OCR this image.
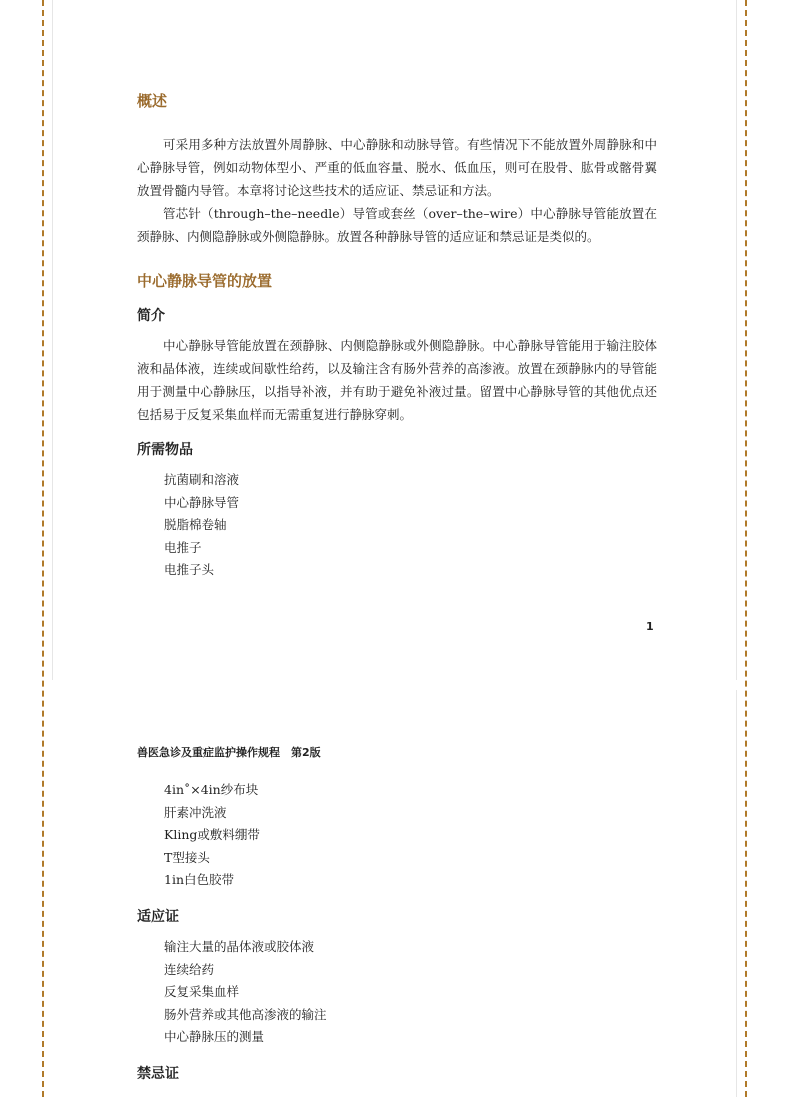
概述

可采用多种方法放置外周静脉、中心静脉和动脉导管。有些情况下不能放置外周静脉和中心静脉导管，例如动物体型小、严重的低血容量、脱水、低血压，则可在股骨、肱骨或髂骨翼放置骨髓内导管。本章将讨论这些技术的适应证、禁忌证和方法。

管芯针（through–the–needle）导管或套丝（over–the–wire）中心静脉导管能放置在颈静脉、内侧隐静脉或外侧隐静脉。放置各种静脉导管的适应证和禁忌证是类似的。

中心静脉导管的放置
简介

中心静脉导管能放置在颈静脉、内侧隐静脉或外侧隐静脉。中心静脉导管能用于输注胶体液和晶体液，连续或间歇性给药，以及输注含有肠外营养的高渗液。放置在颈静脉内的导管能用于测量中心静脉压，以指导补液，并有助于避免补液过量。留置中心静脉导管的其他优点还包括易于反复采集血样而无需重复进行静脉穿刺。

所需物品
抗菌刷和溶液
中心静脉导管
脱脂棉卷轴
电推子
电推子头
1
兽医急诊及重症监护操作规程　第2版
4in˚×4in纱布块
肝素冲洗液
Kling或敷料绷带
T型接头
1in白色胶带
适应证
输注大量的晶体液或胶体液
连续给药
反复采集血样
肠外营养或其他高渗液的输注
中心静脉压的测量
禁忌证
